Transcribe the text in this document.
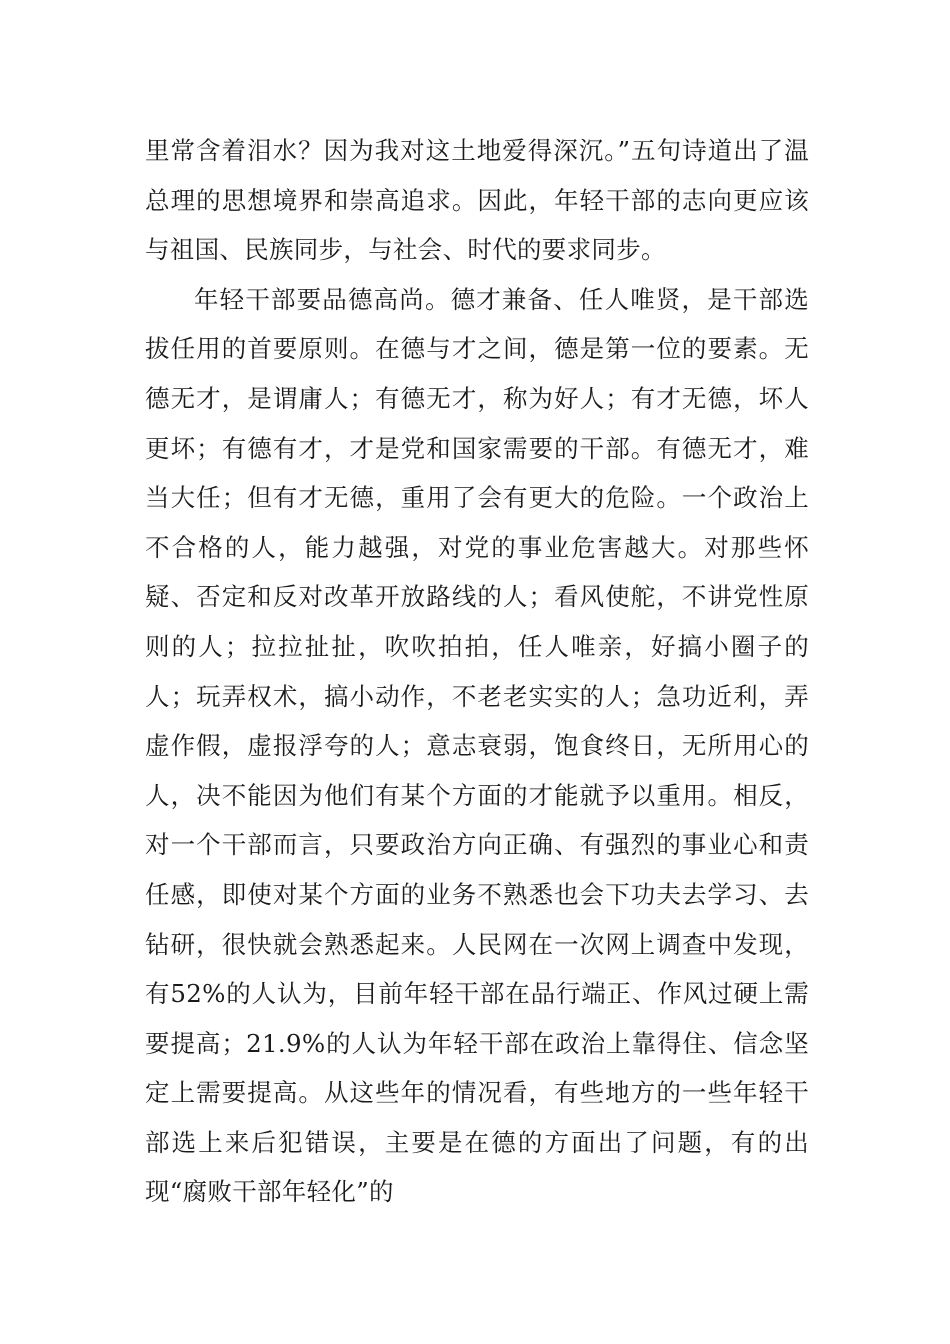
里常含着泪水？因为我对这土地爱得深沉。”五句诗道出了温总理的思想境界和崇高追求。因此，年轻干部的志向更应该与祖国、民族同步，与社会、时代的要求同步。

年轻干部要品德高尚。德才兼备、任人唯贤，是干部选拔任用的首要原则。在德与才之间，德是第一位的要素。无德无才，是谓庸人；有德无才，称为好人；有才无德，坏人更坏；有德有才，才是党和国家需要的干部。有德无才，难当大任；但有才无德，重用了会有更大的危险。一个政治上不合格的人，能力越强，对党的事业危害越大。对那些怀疑、否定和反对改革开放路线的人；看风使舵，不讲党性原则的人；拉拉扯扯，吹吹拍拍，任人唯亲，好搞小圈子的人；玩弄权术，搞小动作，不老老实实的人；急功近利，弄虚作假，虚报浮夸的人；意志衰弱，饱食终日，无所用心的人，决不能因为他们有某个方面的才能就予以重用。相反，对一个干部而言，只要政治方向正确、有强烈的事业心和责任感，即使对某个方面的业务不熟悉也会下功夫去学习、去钻研，很快就会熟悉起来。人民网在一次网上调查中发现，有52%的人认为，目前年轻干部在品行端正、作风过硬上需要提高；21.9%的人认为年轻干部在政治上靠得住、信念坚定上需要提高。从这些年的情况看，有些地方的一些年轻干部选上来后犯错误，主要是在德的方面出了问题，有的出现“腐败干部年轻化”的
